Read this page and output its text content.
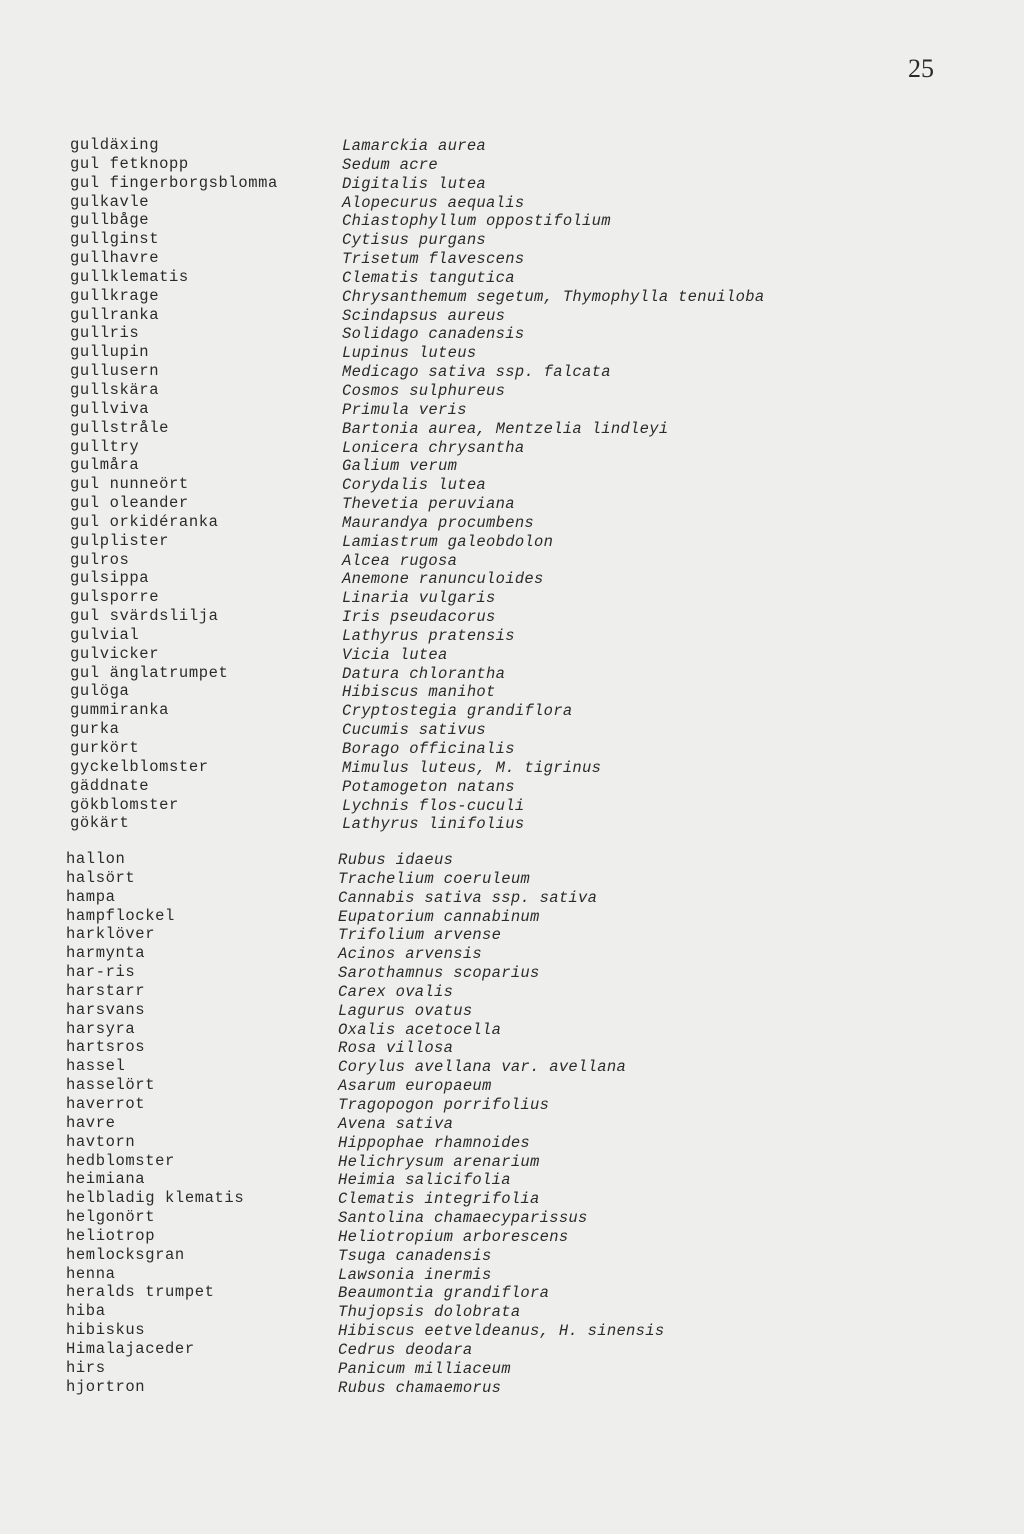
25
guldäxing	Lamarckia aurea
gul fetknopp	Sedum acre
gul fingerborgsblomma	Digitalis lutea
gulkavle	Alopecurus aequalis
gullbåge	Chiastophyllum oppostifolium
gullginst	Cytisus purgans
gullhavre	Trisetum flavescens
gullklematis	Clematis tangutica
gullkrage	Chrysanthemum segetum, Thymophylla tenuiloba
gullranka	Scindapsus aureus
gullris	Solidago canadensis
gullupin	Lupinus luteus
gullusern	Medicago sativa ssp. falcata
gullskära	Cosmos sulphureus
gullviva	Primula veris
gullstråle	Bartonia aurea, Mentzelia lindleyi
gulltry	Lonicera chrysantha
gulmåra	Galium verum
gul nunneört	Corydalis lutea
gul oleander	Thevetia peruviana
gul orkidéranka	Maurandya procumbens
gulplister	Lamiastrum galeobdolon
gulros	Alcea rugosa
gulsippa	Anemone ranunculoides
gulsporre	Linaria vulgaris
gul svärdslilja	Iris pseudacorus
gulvial	Lathyrus pratensis
gulvicker	Vicia lutea
gul änglatrumpet	Datura chlorantha
gulöga	Hibiscus manihot
gummiranka	Cryptostegia grandiflora
gurka	Cucumis sativus
gurkört	Borago officinalis
gyckelblomster	Mimulus luteus, M. tigrinus
gäddnate	Potamogeton natans
gökblomster	Lychnis flos-cuculi
gökärt	Lathyrus linifolius
hallon	Rubus idaeus
halsört	Trachelium coeruleum
hampa	Cannabis sativa ssp. sativa
hampflockel	Eupatorium cannabinum
harklöver	Trifolium arvense
harmynta	Acinos arvensis
har-ris	Sarothamnus scoparius
harstarr	Carex ovalis
harsvans	Lagurus ovatus
harsyra	Oxalis acetocella
hartsros	Rosa villosa
hassel	Corylus avellana var. avellana
hasselört	Asarum europaeum
haverrot	Tragopogon porrifolius
havre	Avena sativa
havtorn	Hippophae rhamnoides
hedblomster	Helichrysum arenarium
heimiana	Heimia salicifolia
helbladig klematis	Clematis integrifolia
helgonört	Santolina chamaecyparissus
heliotrop	Heliotropium arborescens
hemlocksgran	Tsuga canadensis
henna	Lawsonia inermis
heralds trumpet	Beaumontia grandiflora
hiba	Thujopsis dolobrata
hibiskus	Hibiscus eetveldeanus, H. sinensis
Himalajaceder	Cedrus deodara
hirs	Panicum milliaceum
hjortron	Rubus chamaemorus
